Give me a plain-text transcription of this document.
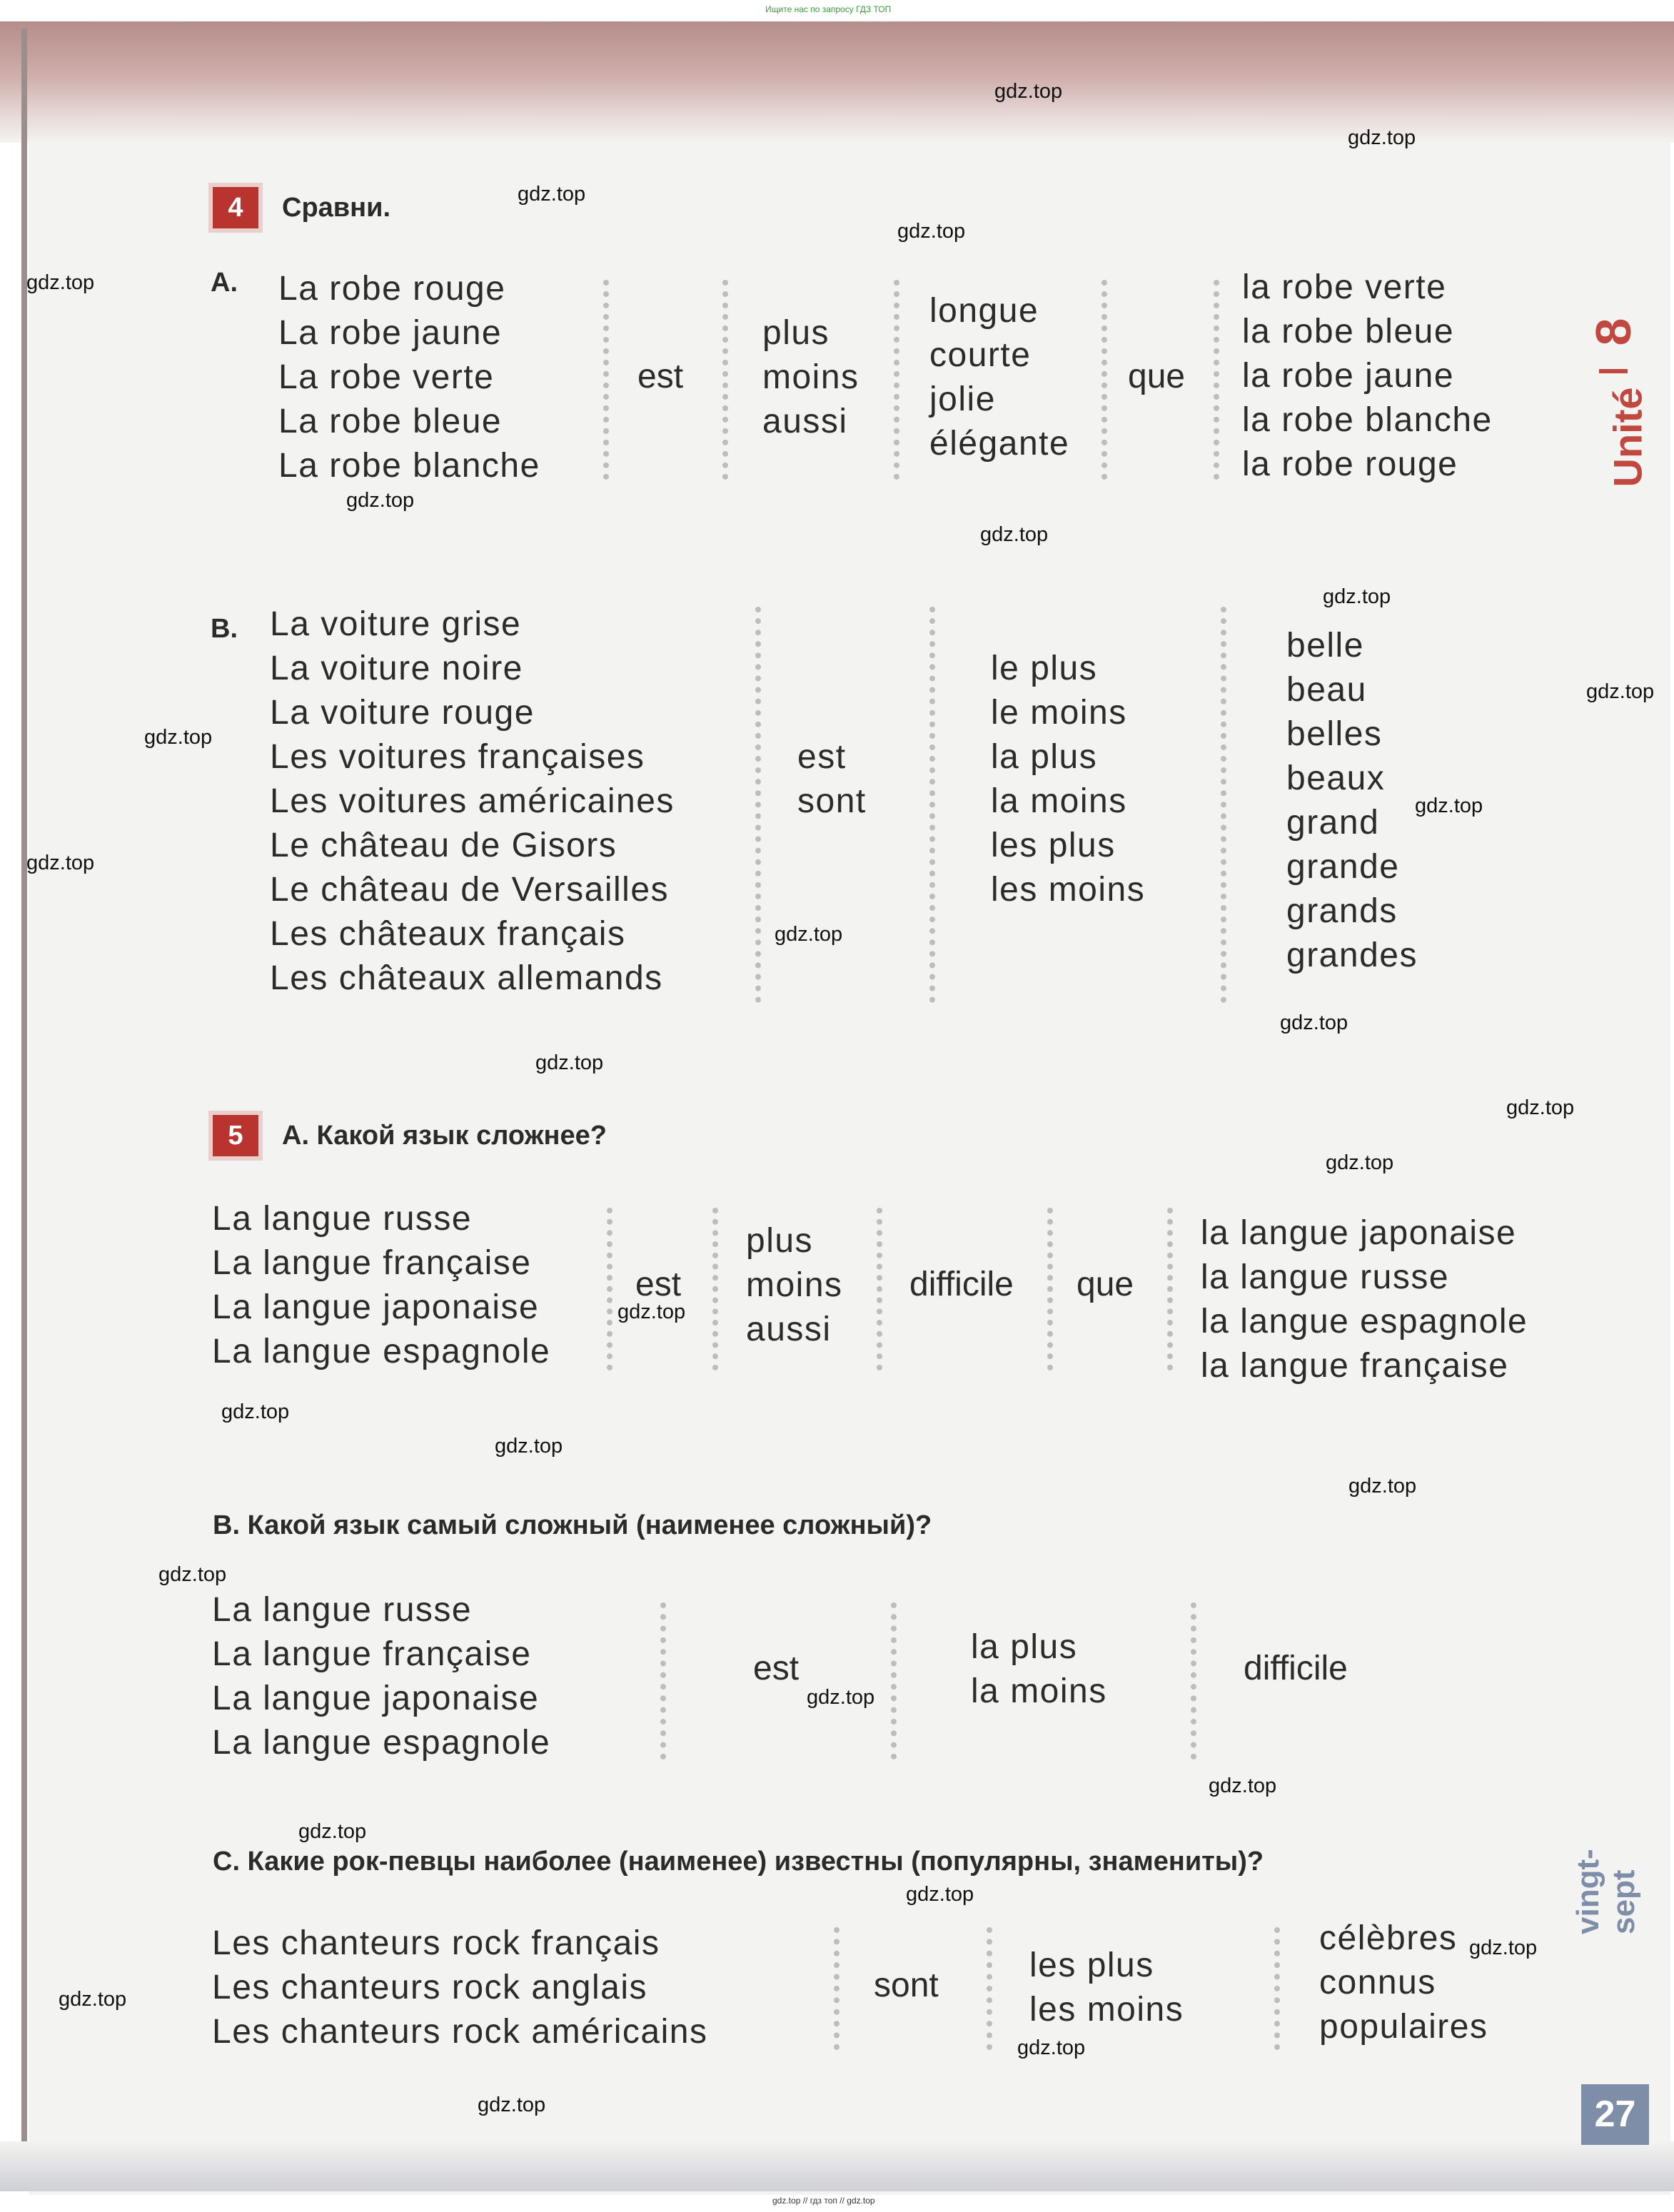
Ищите нас по запросу ГДЗ ТОП
gdz.top // гдз топ // gdz.top
4	Сравни.
A. La robe rouge
La robe jaune
La robe verte
La robe bleue
La robe blanche
est
plus
moins
aussi
longue
courte
jolie
élégante
que
la robe verte
la robe bleue
la robe jaune
la robe blanche
la robe rouge
B. La voiture grise
La voiture noire
La voiture rouge
Les voitures françaises
Les voitures américaines
Le château de Gisors
Le château de Versailles
Les châteaux français
Les châteaux allemands
est
sont
le plus
le moins
la plus
la moins
les plus
les moins
belle
beau
belles
beaux
grand
grande
grands
grandes
5	A. Какой язык сложнее?
La langue russe
La langue française
La langue japonaise
La langue espagnole
est
plus
moins
aussi
difficile que
la langue japonaise
la langue russe
la langue espagnole
la langue française
B. Какой язык самый сложный (наименее сложный)?
La langue russe
La langue française
La langue japonaise
La langue espagnole
est
la plus
la moins
difficile
C. Какие рок-певцы наиболее (наименее) известны (популярны, знамениты)?
Les chanteurs rock français
Les chanteurs rock anglais
Les chanteurs rock américains
sont
les plus
les moins
célèbres
connus
populaires
8
Unité
vingt-sept
27
gdz.top
gdz.top
gdz.top
gdz.top
gdz.top
gdz.top
gdz.top
gdz.top
gdz.top
gdz.top
gdz.top
gdz.top
gdz.top
gdz.top
gdz.top
gdz.top
gdz.top
gdz.top
gdz.top
gdz.top
gdz.top
gdz.top
gdz.top
gdz.top
gdz.top
gdz.top
gdz.top
gdz.top
gdz.top
gdz.top
